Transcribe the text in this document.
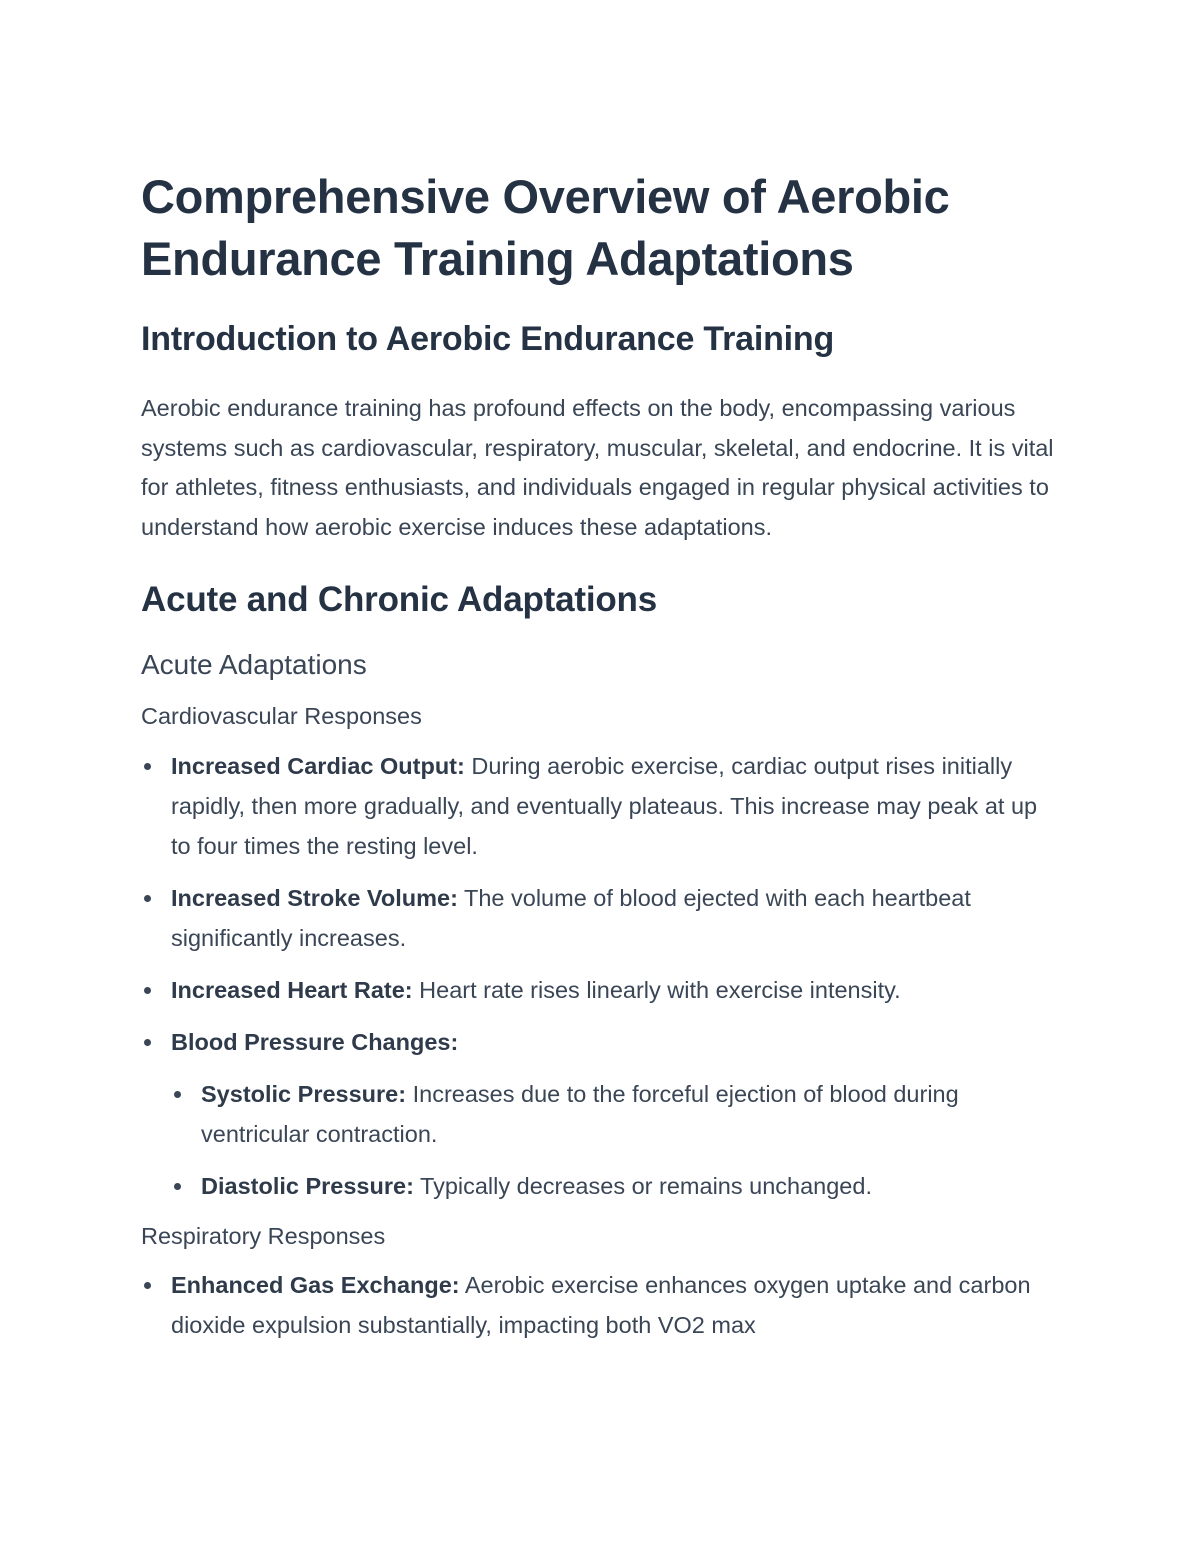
Comprehensive Overview of Aerobic Endurance Training Adaptations
Introduction to Aerobic Endurance Training

Aerobic endurance training has profound effects on the body, encompassing various systems such as cardiovascular, respiratory, muscular, skeletal, and endocrine. It is vital for athletes, fitness enthusiasts, and individuals engaged in regular physical activities to understand how aerobic exercise induces these adaptations.

Acute and Chronic Adaptations
Acute Adaptations
Cardiovascular Responses
Increased Cardiac Output: During aerobic exercise, cardiac output rises initially rapidly, then more gradually, and eventually plateaus. This increase may peak at up to four times the resting level.
Increased Stroke Volume: The volume of blood ejected with each heartbeat significantly increases.
Increased Heart Rate: Heart rate rises linearly with exercise intensity.
Blood Pressure Changes:
Systolic Pressure: Increases due to the forceful ejection of blood during ventricular contraction.
Diastolic Pressure: Typically decreases or remains unchanged.
Respiratory Responses
Enhanced Gas Exchange: Aerobic exercise enhances oxygen uptake and carbon dioxide expulsion substantially, impacting both VO2 max
